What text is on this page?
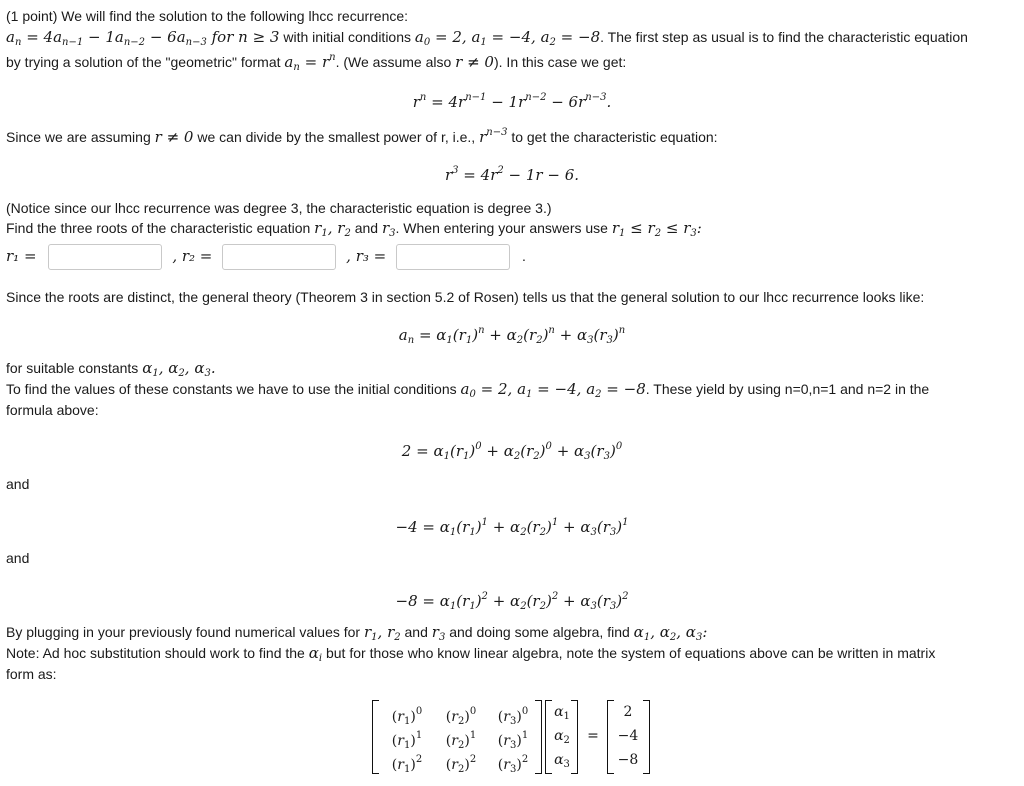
(1 point) We will find the solution to the following lhcc recurrence:
$a_n = 4a_{n-1} - 1a_{n-2} - 6a_{n-3}$ for n ≥ 3 with initial conditions $a_0 = 2$, $a_1 = -4$, $a_2 = -8$. The first step as usual is to find the characteristic equation
by trying a solution of the "geometric" format $a_n = r^n$. (We assume also r ≠ 0). In this case we get:
$r^n = 4r^{n-1} - 1r^{n-2} - 6r^{n-3}$.
Since we are assuming r ≠ 0 we can divide by the smallest power of r, i.e., $r^{n-3}$ to get the characteristic equation:
$r^3 = 4r^2 - 1r - 6$.
(Notice since our lhcc recurrence was degree 3, the characteristic equation is degree 3.)
Find the three roots of the characteristic equation $r_1$, $r_2$ and $r_3$. When entering your answers use $r_1 \le r_2 \le r_3$:
r₁ =	, r₂ =	, r₃ =	.
Since the roots are distinct, the general theory (Theorem 3 in section 5.2 of Rosen) tells us that the general solution to our lhcc recurrence looks like:
$a_n = \alpha_1(r_1)^n + \alpha_2(r_2)^n + \alpha_3(r_3)^n$
for suitable constants $\alpha_1$, $\alpha_2$, $\alpha_3$.
To find the values of these constants we have to use the initial conditions $a_0 = 2$, $a_1 = -4$, $a_2 = -8$. These yield by using n=0,n=1 and n=2 in the
formula above:
$2 = \alpha_1(r_1)^0 + \alpha_2(r_2)^0 + \alpha_3(r_3)^0$
and
$-4 = \alpha_1(r_1)^1 + \alpha_2(r_2)^1 + \alpha_3(r_3)^1$
and
$-8 = \alpha_1(r_1)^2 + \alpha_2(r_2)^2 + \alpha_3(r_3)^2$
By plugging in your previously found numerical values for $r_1$, $r_2$ and $r_3$ and doing some algebra, find $\alpha_1$, $\alpha_2$, $\alpha_3$:
Note: Ad hoc substitution should work to find the $\alpha_i$ but for those who know linear algebra, note the system of equations above can be written in matrix
form as:
$(r_1)^0$	$(r_2)^0$	$(r_3)^0$
$(r_1)^1$	$(r_2)^1$	$(r_3)^1$
$(r_1)^2$	$(r_2)^2$	$(r_3)^2$
$\alpha_1$
$\alpha_2$
$\alpha_3$
=
2
−4
−8
